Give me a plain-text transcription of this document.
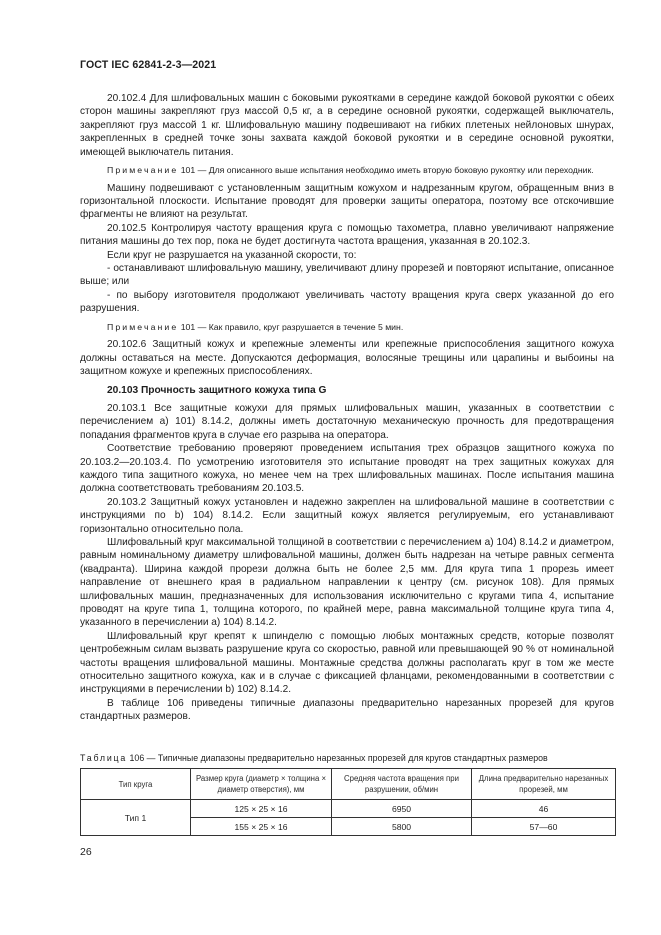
ГОСТ IEC 62841-2-3—2021

20.102.4 Для шлифовальных машин с боковыми рукоятками в середине каждой боковой рукоятки с обеих сторон машины закрепляют груз массой 0,5 кг, а в середине основной рукоятки, содержащей выключатель, закрепляют груз массой 1 кг. Шлифовальную машину подвешивают на гибких плетеных нейлоновых шнурах, закрепленных в средней точке зоны захвата каждой боковой рукоятки и в середине основной рукоятки, имеющей выключатель питания.

Примечание 101 — Для описанного выше испытания необходимо иметь вторую боковую рукоятку или переходник.

Машину подвешивают с установленным защитным кожухом и надрезанным кругом, обращенным вниз в горизонтальной плоскости. Испытание проводят для проверки защиты оператора, поэтому все отскочившие фрагменты не влияют на результат.

20.102.5 Контролируя частоту вращения круга с помощью тахометра, плавно увеличивают напряжение питания машины до тех пор, пока не будет достигнута частота вращения, указанная в 20.102.3.

Если круг не разрушается на указанной скорости, то:

- останавливают шлифовальную машину, увеличивают длину прорезей и повторяют испытание, описанное выше; или

- по выбору изготовителя продолжают увеличивать частоту вращения круга сверх указанной до его разрушения.

Примечание 101 — Как правило, круг разрушается в течение 5 мин.

20.102.6 Защитный кожух и крепежные элементы или крепежные приспособления защитного кожуха должны оставаться на месте. Допускаются деформация, волосяные трещины или царапины и выбоины на защитном кожухе и крепежных приспособлениях.

20.103 Прочность защитного кожуха типа G

20.103.1 Все защитные кожухи для прямых шлифовальных машин, указанных в соответствии с перечислением а) 101) 8.14.2, должны иметь достаточную механическую прочность для предотвращения попадания фрагментов круга в случае его разрыва на оператора.

Соответствие требованию проверяют проведением испытания трех образцов защитного кожуха по 20.103.2—20.103.4. По усмотрению изготовителя это испытание проводят на трех защитных кожухах для каждого типа защитного кожуха, но менее чем на трех шлифовальных машинах. После испытания машина должна соответствовать требованиям 20.103.5.

20.103.2 Защитный кожух установлен и надежно закреплен на шлифовальной машине в соответствии с инструкциями по b) 104) 8.14.2. Если защитный кожух является регулируемым, его устанавливают горизонтально относительно пола.

Шлифовальный круг максимальной толщиной в соответствии с перечислением а) 104) 8.14.2 и диаметром, равным номинальному диаметру шлифовальной машины, должен быть надрезан на четыре равных сегмента (квадранта). Ширина каждой прорези должна быть не более 2,5 мм. Для круга типа 1 прорезь имеет направление от внешнего края в радиальном направлении к центру (см. рисунок 108). Для прямых шлифовальных машин, предназначенных для использования исключительно с кругами типа 4, испытание проводят на круге типа 1, толщина которого, по крайней мере, равна максимальной толщине круга типа 4, указанного в перечислении а) 104) 8.14.2.

Шлифовальный круг крепят к шпинделю с помощью любых монтажных средств, которые позволят центробежным силам вызвать разрушение круга со скоростью, равной или превышающей 90 % от номинальной частоты вращения шлифовальной машины. Монтажные средства должны располагать круг в том же месте относительно защитного кожуха, как и в случае с фиксацией фланцами, рекомендованными в соответствии с инструкциями в перечислении b) 102) 8.14.2.

В таблице 106 приведены типичные диапазоны предварительно нарезанных прорезей для кругов стандартных размеров.

Таблица 106 — Типичные диапазоны предварительно нарезанных прорезей для кругов стандартных размеров
Тип круга	Размер круга (диаметр × толщина × диаметр отверстия), мм	Средняя частота вращения при разрушении, об/мин	Длина предварительно нарезанных прорезей, мм
Тип 1	125 × 25 × 16	6950	46
	155 × 25 × 16	5800	57—60
26
